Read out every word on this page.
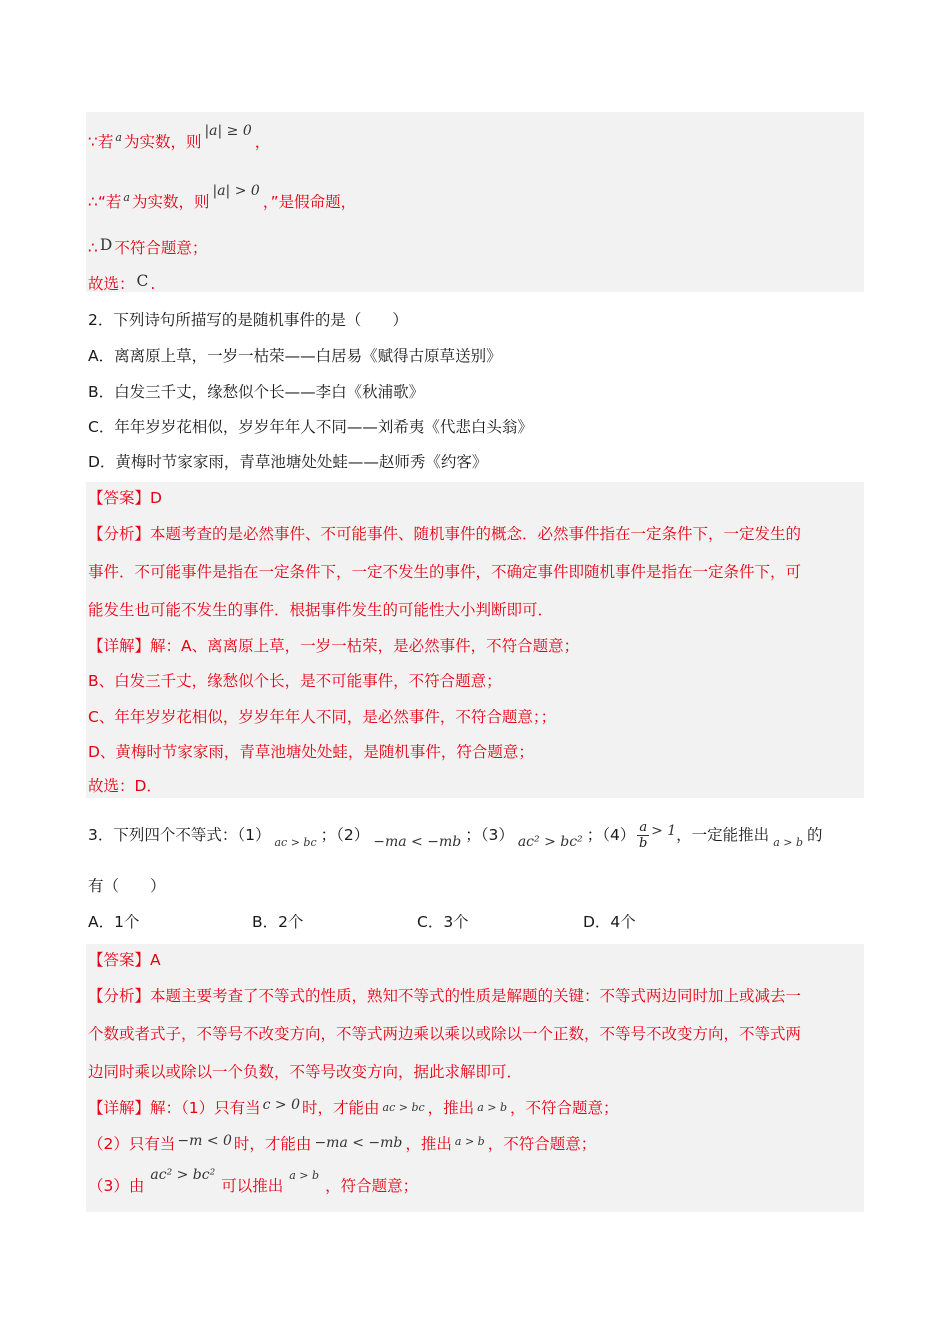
∵若 $^a$ 为实数，则|a| ≥ 0，
∴“若 $^a$ 为实数，则|a| > 0，”是假命题，
∴ D 不符合题意；
故选： C .
2．下列诗句所描写的是随机事件的是（　　）
A．离离原上草，一岁一枯荣——白居易《赋得古原草送别》
B．白发三千丈，缘愁似个长——李白《秋浦歌》
C．年年岁岁花相似，岁岁年年人不同——刘希夷《代悲白头翁》
D．黄梅时节家家雨，青草池塘处处蛙——赵师秀《约客》
【答案】D
【分析】本题考查的是必然事件、不可能事件、随机事件的概念．必然事件指在一定条件下，一定发生的
事件．不可能事件是指在一定条件下，一定不发生的事件，不确定事件即随机事件是指在一定条件下，可
能发生也可能不发生的事件．根据事件发生的可能性大小判断即可．
【详解】解：A、离离原上草，一岁一枯荣，是必然事件，不符合题意；
B、白发三千丈，缘愁似个长，是不可能事件，不符合题意；
C、年年岁岁花相似，岁岁年年人不同，是必然事件，不符合题意；；
D、黄梅时节家家雨，青草池塘处处蛙，是随机事件，符合题意；
故选：D．
3．下列四个不等式：（1） $_{ac > bc}$ ；（2） −ma < −mb ；（3） ac² > bc² ；$(4) \frac{a}{b} > 1$，一定能推出 $_{a > b}$ 的
有（　　）
A．1个	B．2个	C．3个	D．4个
【答案】A
【分析】本题主要考查了不等式的性质，熟知不等式的性质是解题的关键：不等式两边同时加上或减去一
个数或者式子，不等号不改变方向，不等式两边乘以乘以或除以一个正数，不等号不改变方向，不等式两
边同时乘以或除以一个负数，不等号改变方向，据此求解即可．
【详解】解：（1）只有当 c > 0 时，才能由 ac > bc ，推出 a > b ，不符合题意；
（2）只有当 −m < 0 时，才能由 −ma < −mb ，推出 $^{a > b}$ ，不符合题意；
（3）由ac² > bc²可以推出$^{a > b}$，符合题意；
